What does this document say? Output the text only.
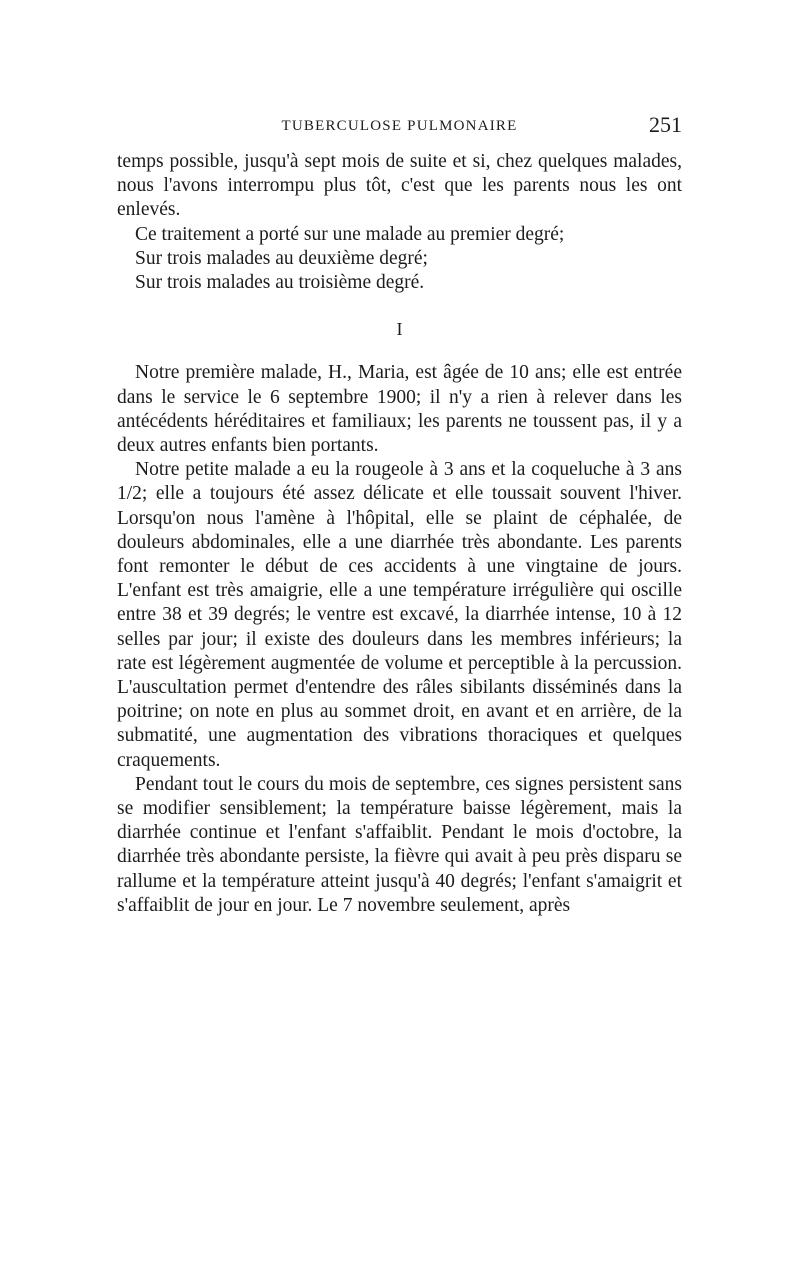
TUBERCULOSE PULMONAIRE	251

temps possible, jusqu'à sept mois de suite et si, chez quelques malades, nous l'avons interrompu plus tôt, c'est que les parents nous les ont enlevés.

Ce traitement a porté sur une malade au premier degré;

Sur trois malades au deuxième degré;

Sur trois malades au troisième degré.

I

Notre première malade, H., Maria, est âgée de 10 ans; elle est entrée dans le service le 6 septembre 1900; il n'y a rien à relever dans les antécédents héréditaires et familiaux; les parents ne toussent pas, il y a deux autres enfants bien portants.

Notre petite malade a eu la rougeole à 3 ans et la coqueluche à 3 ans 1/2; elle a toujours été assez délicate et elle toussait souvent l'hiver. Lorsqu'on nous l'amène à l'hôpital, elle se plaint de céphalée, de douleurs abdominales, elle a une diarrhée très abondante. Les parents font remonter le début de ces accidents à une vingtaine de jours. L'enfant est très amaigrie, elle a une température irrégulière qui oscille entre 38 et 39 degrés; le ventre est excavé, la diarrhée intense, 10 à 12 selles par jour; il existe des douleurs dans les membres inférieurs; la rate est légèrement augmentée de volume et perceptible à la percussion. L'auscultation permet d'entendre des râles sibilants disséminés dans la poitrine; on note en plus au sommet droit, en avant et en arrière, de la submatité, une augmentation des vibrations thoraciques et quelques craquements.

Pendant tout le cours du mois de septembre, ces signes persistent sans se modifier sensiblement; la température baisse légèrement, mais la diarrhée continue et l'enfant s'affaiblit. Pendant le mois d'octobre, la diarrhée très abondante persiste, la fièvre qui avait à peu près disparu se rallume et la température atteint jusqu'à 40 degrés; l'enfant s'amaigrit et s'affaiblit de jour en jour. Le 7 novembre seulement, après
